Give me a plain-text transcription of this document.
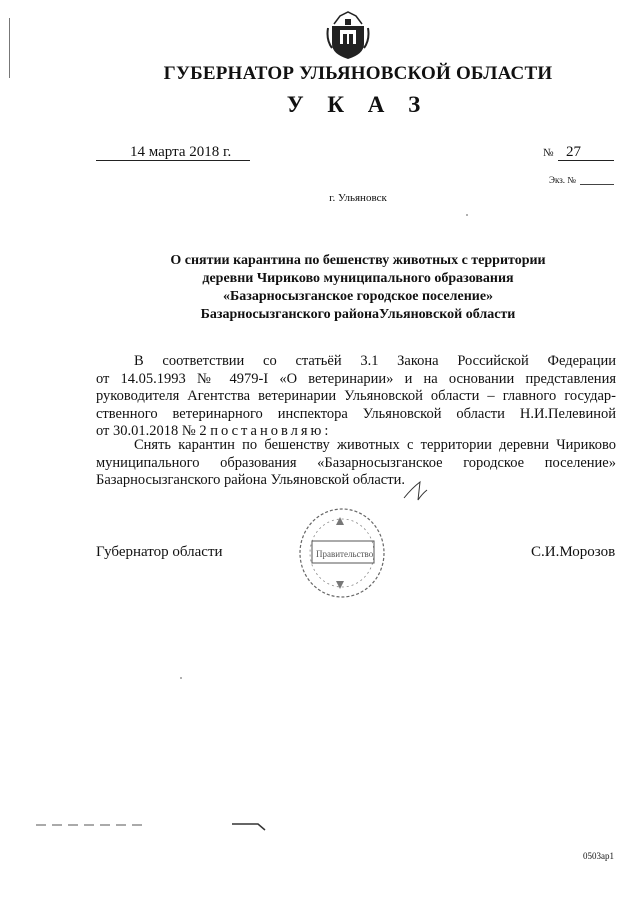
ГУБЕРНАТОР УЛЬЯНОВСКОЙ ОБЛАСТИ
У К А З
14 марта 2018 г.	№ 27
Экз. №
г. Ульяновск
О снятии карантина по бешенству животных с территории
деревни Чириково муниципального образования
«Базарносызганское городское поселение»
Базарносызганского районаУльяновской области
В соответствии со статьёй 3.1 Закона Российской Федерации
от 14.05.1993 № 4979-I «О ветеринарии» и на основании представления
руководителя Агентства ветеринарии Ульяновской области – главного государ-
ственного ветеринарного инспектора Ульяновской области Н.И.Пелевиной
от 30.01.2018 № 2 постановляю:
Снять карантин по бешенству животных с территории деревни Чириково
муниципального образования «Базарносызганское городское поселение»
Базарносызганского района Ульяновской области.
Губернатор области	С.И.Морозов
Правительство
0503ap1
